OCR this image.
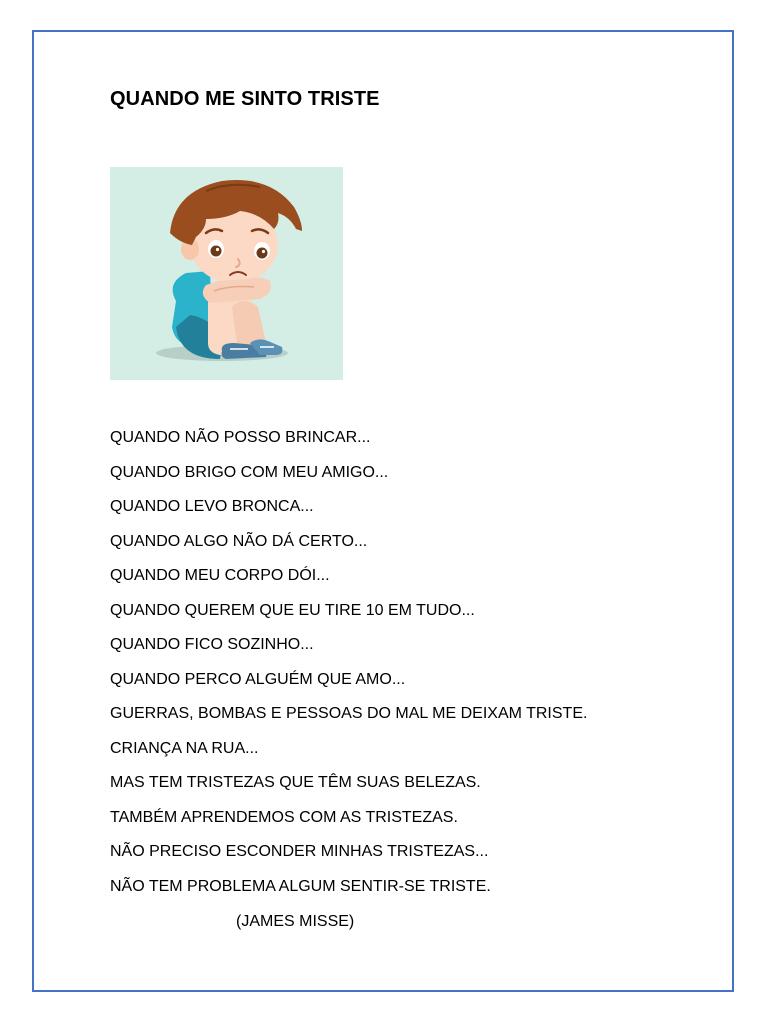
QUANDO ME SINTO TRISTE
QUANDO NÃO POSSO BRINCAR...
QUANDO BRIGO COM MEU AMIGO...
QUANDO LEVO BRONCA...
QUANDO ALGO NÃO DÁ CERTO...
QUANDO MEU CORPO DÓI...
QUANDO QUEREM QUE EU TIRE 10 EM TUDO...
QUANDO FICO SOZINHO...
QUANDO PERCO ALGUÉM QUE AMO...
GUERRAS, BOMBAS E PESSOAS DO MAL ME DEIXAM TRISTE.
CRIANÇA NA RUA...
MAS TEM TRISTEZAS QUE TÊM SUAS BELEZAS.
TAMBÉM APRENDEMOS COM AS TRISTEZAS.
NÃO PRECISO ESCONDER MINHAS TRISTEZAS...
NÃO TEM PROBLEMA ALGUM SENTIR-SE TRISTE.
(JAMES MISSE)
